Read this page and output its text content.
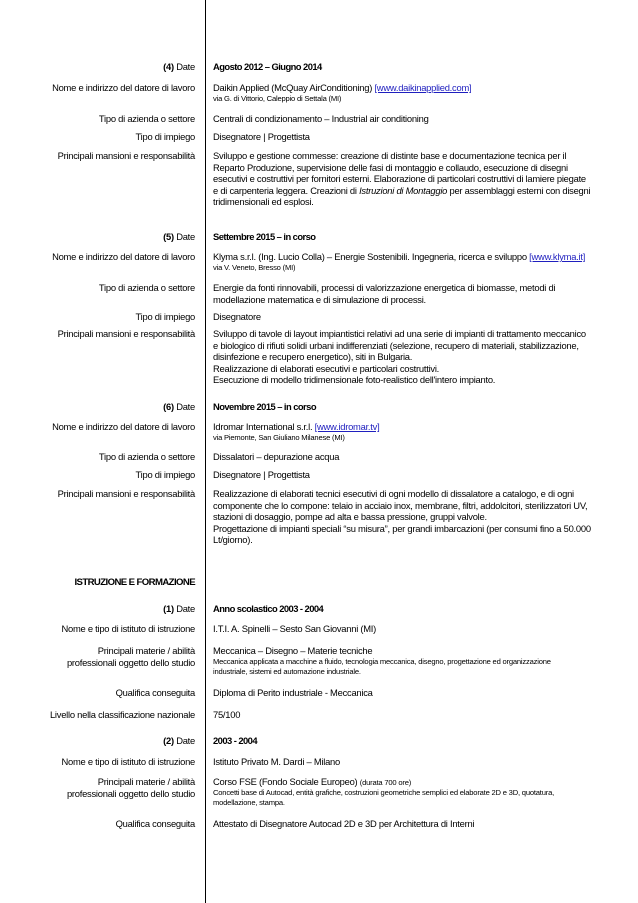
(4) Date Agosto 2012 – Giugno 2014
Nome e indirizzo del datore di lavoro Daikin Applied (McQuay AirConditioning) [www.daikinapplied.com]
via G. di Vittorio, Caleppio di Settala (MI)
Tipo di azienda o settore Centrali di condizionamento – Industrial air conditioning
Tipo di impiego Disegnatore | Progettista
Principali mansioni e responsabilità Sviluppo e gestione commesse: creazione di distinte base e documentazione tecnica per il
Reparto Produzione, supervisione delle fasi di montaggio e collaudo, esecuzione di disegni
esecutivi e costruttivi per fornitori esterni. Elaborazione di particolari costruttivi di lamiere piegate
e di carpenteria leggera. Creazioni di Istruzioni di Montaggio per assemblaggi esterni con disegni
tridimensionali ed esplosi.
(5) Date Settembre 2015 – in corso
Nome e indirizzo del datore di lavoro Klyma s.r.l. (Ing. Lucio Colla) – Energie Sostenibili. Ingegneria, ricerca e sviluppo [www.klyma.it]
via V. Veneto, Bresso (MI)
Tipo di azienda o settore Energie da fonti rinnovabili, processi di valorizzazione energetica di biomasse, metodi di
modellazione matematica e di simulazione di processi.
Tipo di impiego Disegnatore
Principali mansioni e responsabilità Sviluppo di tavole di layout impiantistici relativi ad una serie di impianti di trattamento meccanico
e biologico di rifiuti solidi urbani indifferenziati (selezione, recupero di materiali, stabilizzazione,
disinfezione e recupero energetico), siti in Bulgaria.
Realizzazione di elaborati esecutivi e particolari costruttivi.
Esecuzione di modello tridimensionale foto-realistico dell'intero impianto.
(6) Date Novembre 2015 – in corso
Nome e indirizzo del datore di lavoro Idromar International s.r.l. [www.idromar.tv]
via Piemonte, San Giuliano Milanese (MI)
Tipo di azienda o settore Dissalatori – depurazione acqua
Tipo di impiego Disegnatore | Progettista
Principali mansioni e responsabilità Realizzazione di elaborati tecnici esecutivi di ogni modello di dissalatore a catalogo, e di ogni
componente che lo compone: telaio in acciaio inox, membrane, filtri, addolcitori, sterilizzatori UV,
stazioni di dosaggio, pompe ad alta e bassa pressione, gruppi valvole.
Progettazione di impianti speciali “su misura”, per grandi imbarcazioni (per consumi fino a 50.000
Lt/giorno).
ISTRUZIONE E FORMAZIONE
(1) Date Anno scolastico 2003 - 2004
Nome e tipo di istituto di istruzione I.T.I. A. Spinelli – Sesto San Giovanni (MI)
Principali materie / abilità
professionali oggetto dello studio
Meccanica – Disegno – Materie tecniche
Meccanica applicata a macchine a fluido, tecnologia meccanica, disegno, progettazione ed organizzazione
industriale, sistemi ed automazione industriale.
Qualifica conseguita Diploma di Perito industriale - Meccanica
Livello nella classificazione nazionale 75/100
(2) Date 2003 - 2004
Nome e tipo di istituto di istruzione Istituto Privato M. Dardi – Milano
Principali materie / abilità
professionali oggetto dello studio
Corso FSE (Fondo Sociale Europeo) (durata 700 ore)
Concetti base di Autocad, entità grafiche, costruzioni geometriche semplici ed elaborate 2D e 3D, quotatura,
modellazione, stampa.
Qualifica conseguita Attestato di Disegnatore Autocad 2D e 3D per Architettura di Interni
